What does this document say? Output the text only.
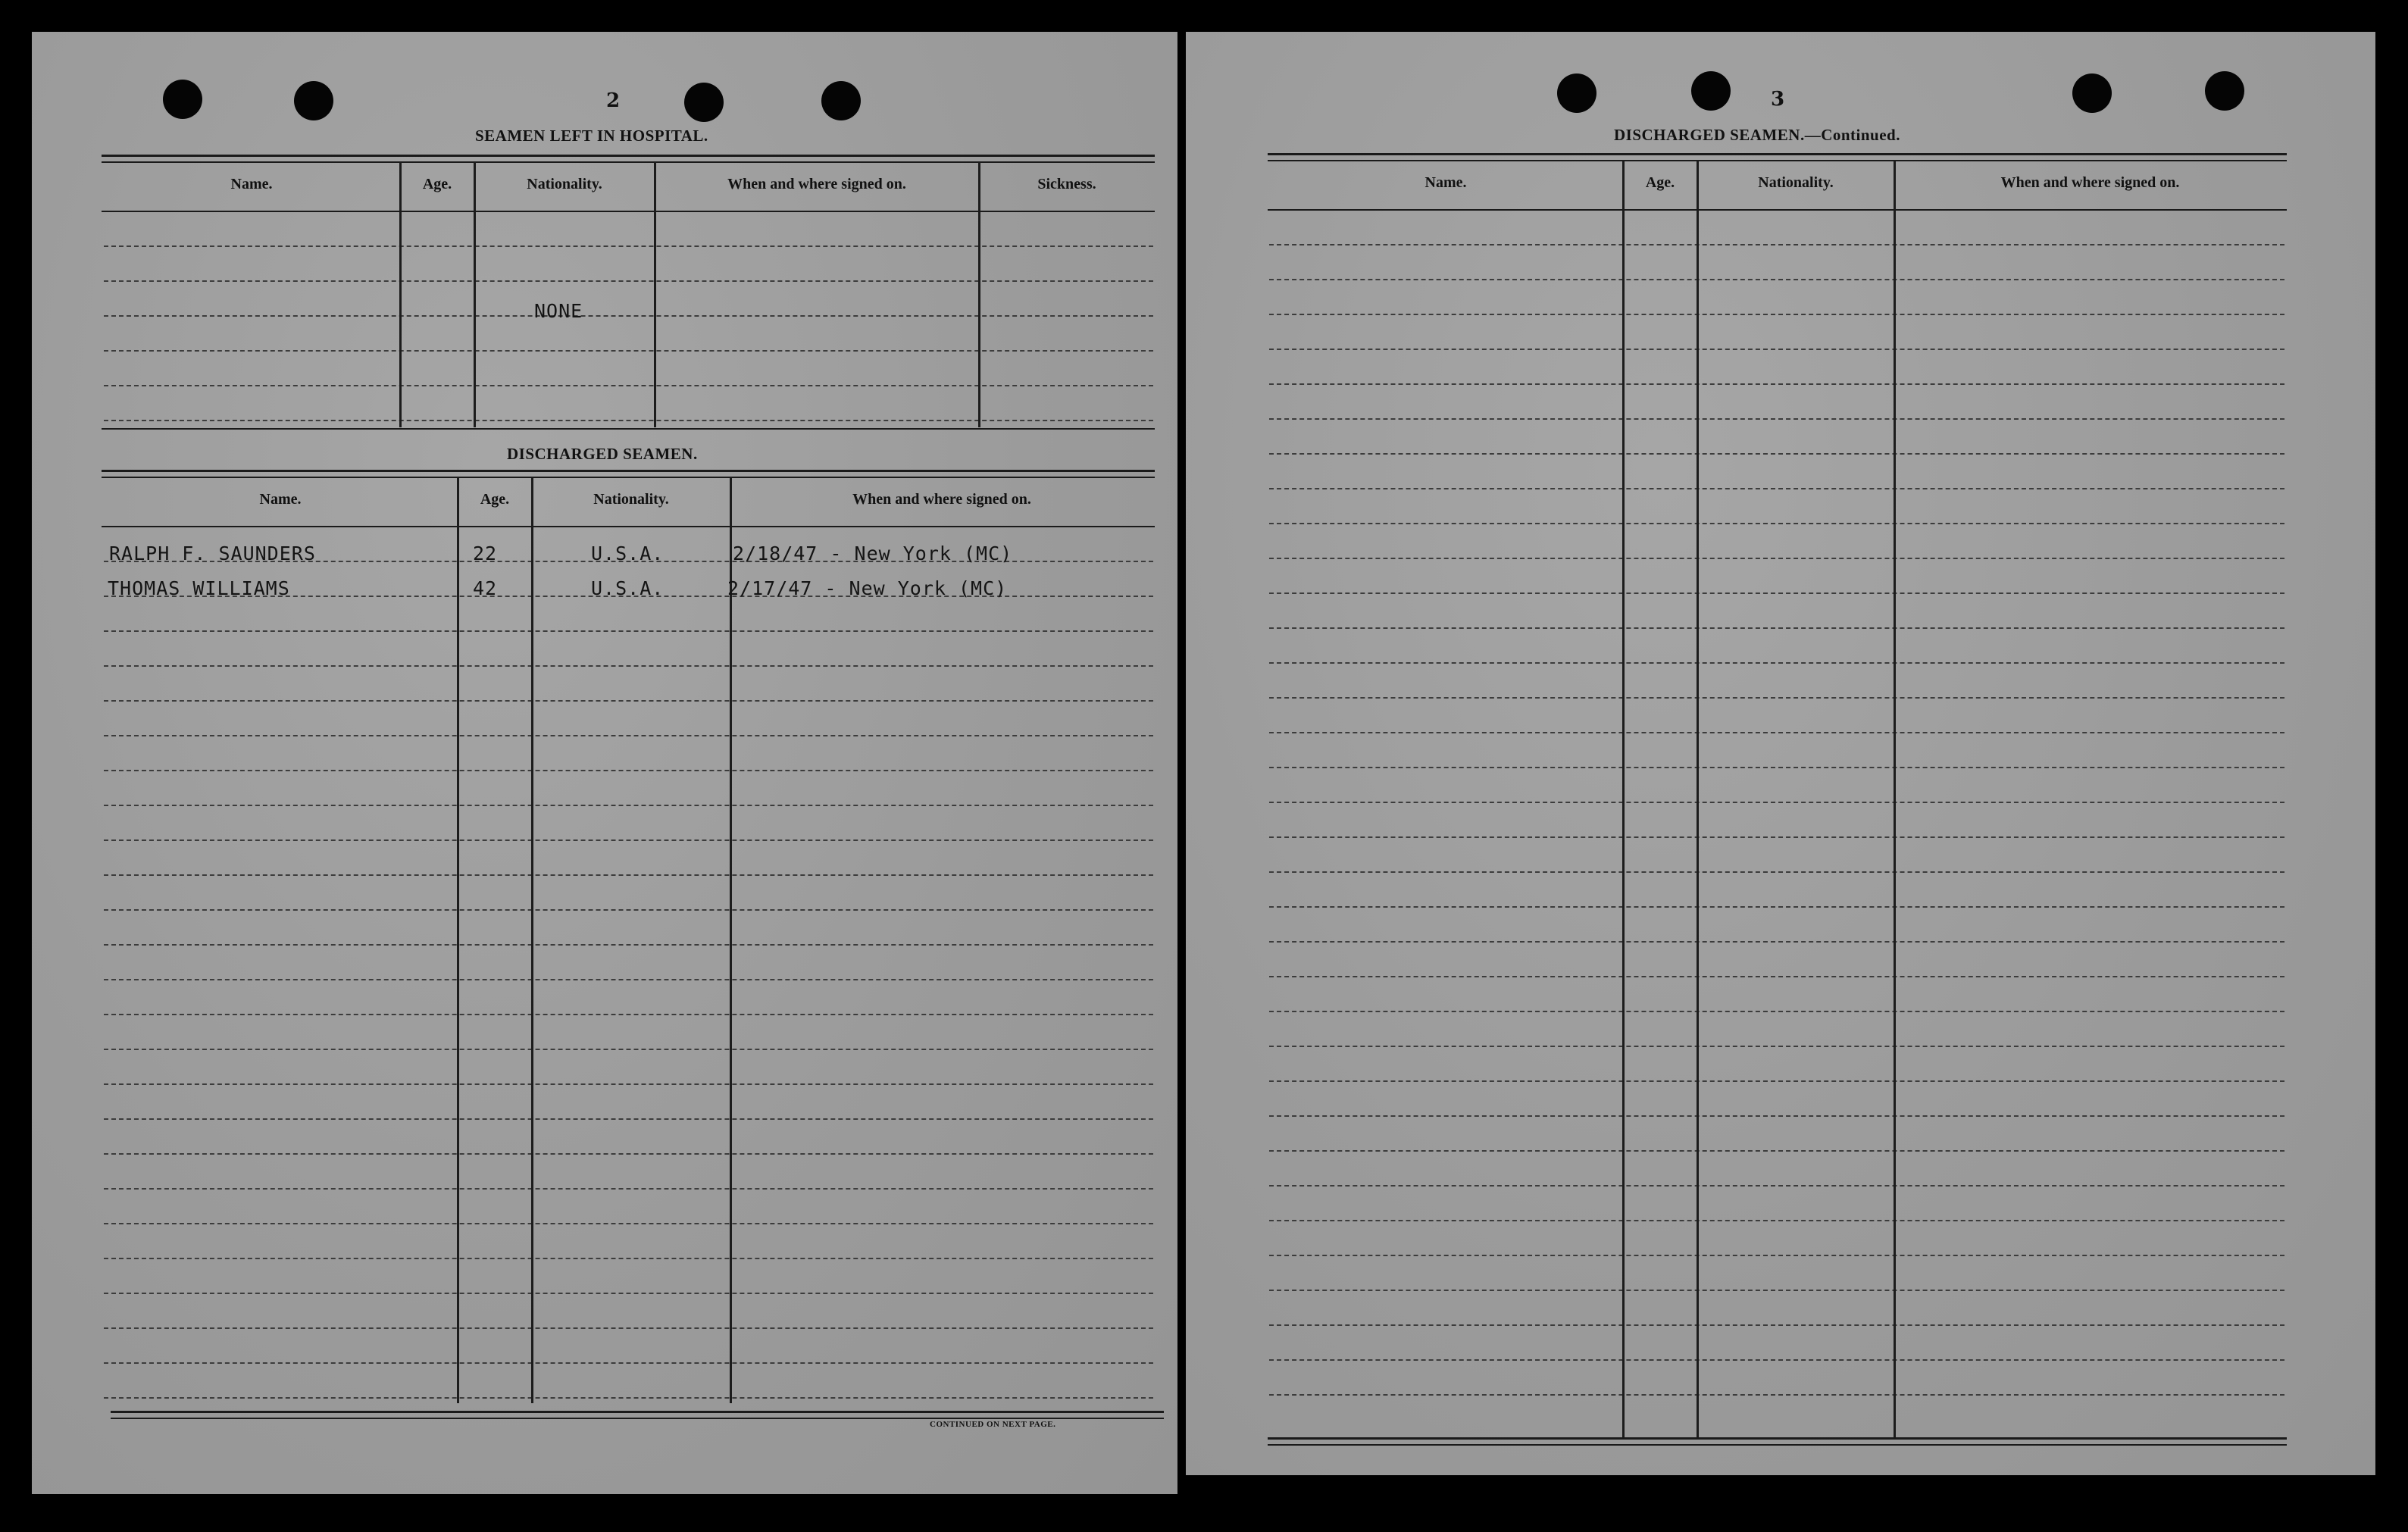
2
SEAMEN LEFT IN HOSPITAL.
Name.	Age.	Nationality.	When and where signed on.	Sickness.
NONE
DISCHARGED SEAMEN.
Name.	Age.	Nationality.	When and where signed on.
RALPH F. SAUNDERS	22	U.S.A.	2/18/47 - New York (MC)
THOMAS WILLIAMS	42	U.S.A.	2/17/47 - New York (MC)
CONTINUED ON NEXT PAGE.
3
DISCHARGED SEAMEN.—Continued.
Name.	Age.	Nationality.	When and where signed on.
